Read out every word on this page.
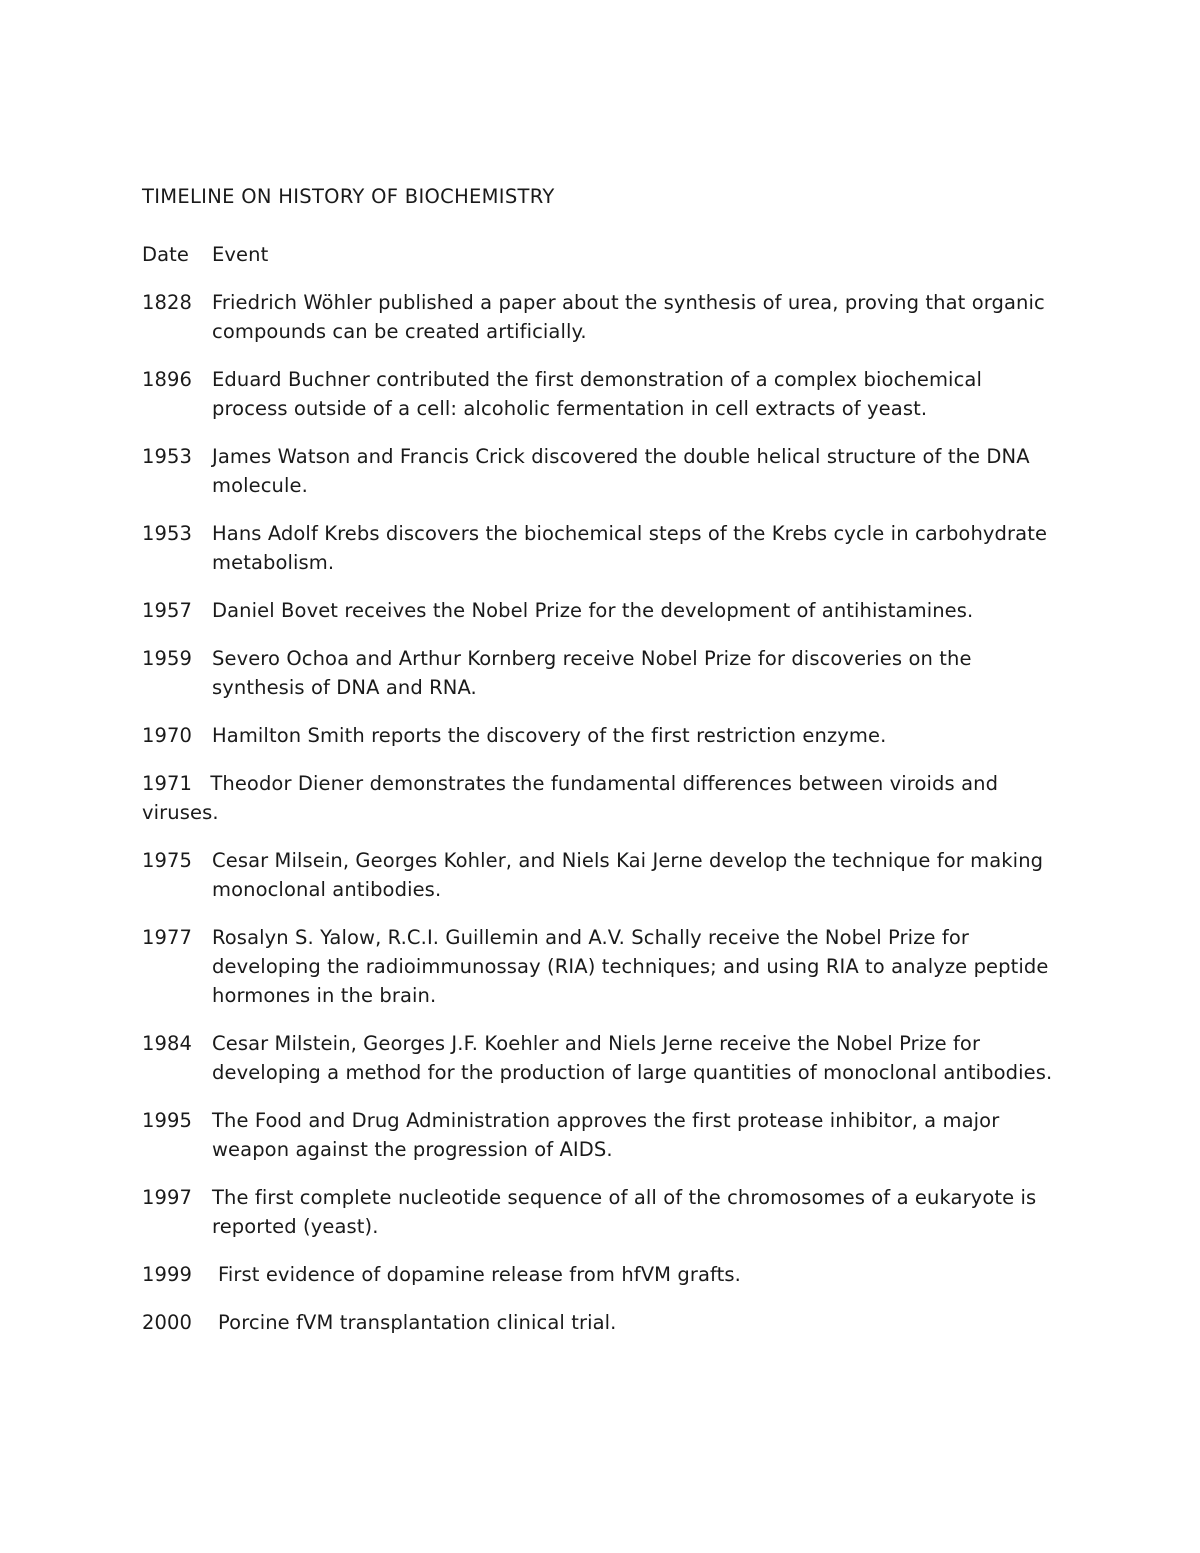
TIMELINE ON HISTORY OF BIOCHEMISTRY
Date	Event
1828	Friedrich Wöhler published a paper about the synthesis of urea, proving that organic compounds can be created artificially.
1896	Eduard Buchner contributed the first demonstration of a complex biochemical process outside of a cell: alcoholic fermentation in cell extracts of yeast.
1953	James Watson and Francis Crick discovered the double helical structure of the DNA molecule.
1953	Hans Adolf Krebs discovers the biochemical steps of the Krebs cycle in carbohydrate metabolism.
1957	Daniel Bovet receives the Nobel Prize for the development of antihistamines.
1959	Severo Ochoa and Arthur Kornberg receive Nobel Prize for discoveries on the synthesis of DNA and RNA.
1970	Hamilton Smith reports the discovery of the first restriction enzyme.
1971 Theodor Diener demonstrates the fundamental differences between viroids and viruses.
1975	Cesar Milsein, Georges Kohler, and Niels Kai Jerne develop the technique for making monoclonal antibodies.
1977	Rosalyn S. Yalow, R.C.I. Guillemin and A.V. Schally receive the Nobel Prize for developing the radioimmunossay (RIA) techniques; and using RIA to analyze peptide hormones in the brain.
1984	Cesar Milstein, Georges J.F. Koehler and Niels Jerne receive the Nobel Prize for developing a method for the production of large quantities of monoclonal antibodies.
1995	The Food and Drug Administration approves the first protease inhibitor, a major weapon against the progression of AIDS.
1997	The first complete nucleotide sequence of all of the chromosomes of a eukaryote is reported (yeast).
1999	First evidence of dopamine release from hfVM grafts.
2000	Porcine fVM transplantation clinical trial.
